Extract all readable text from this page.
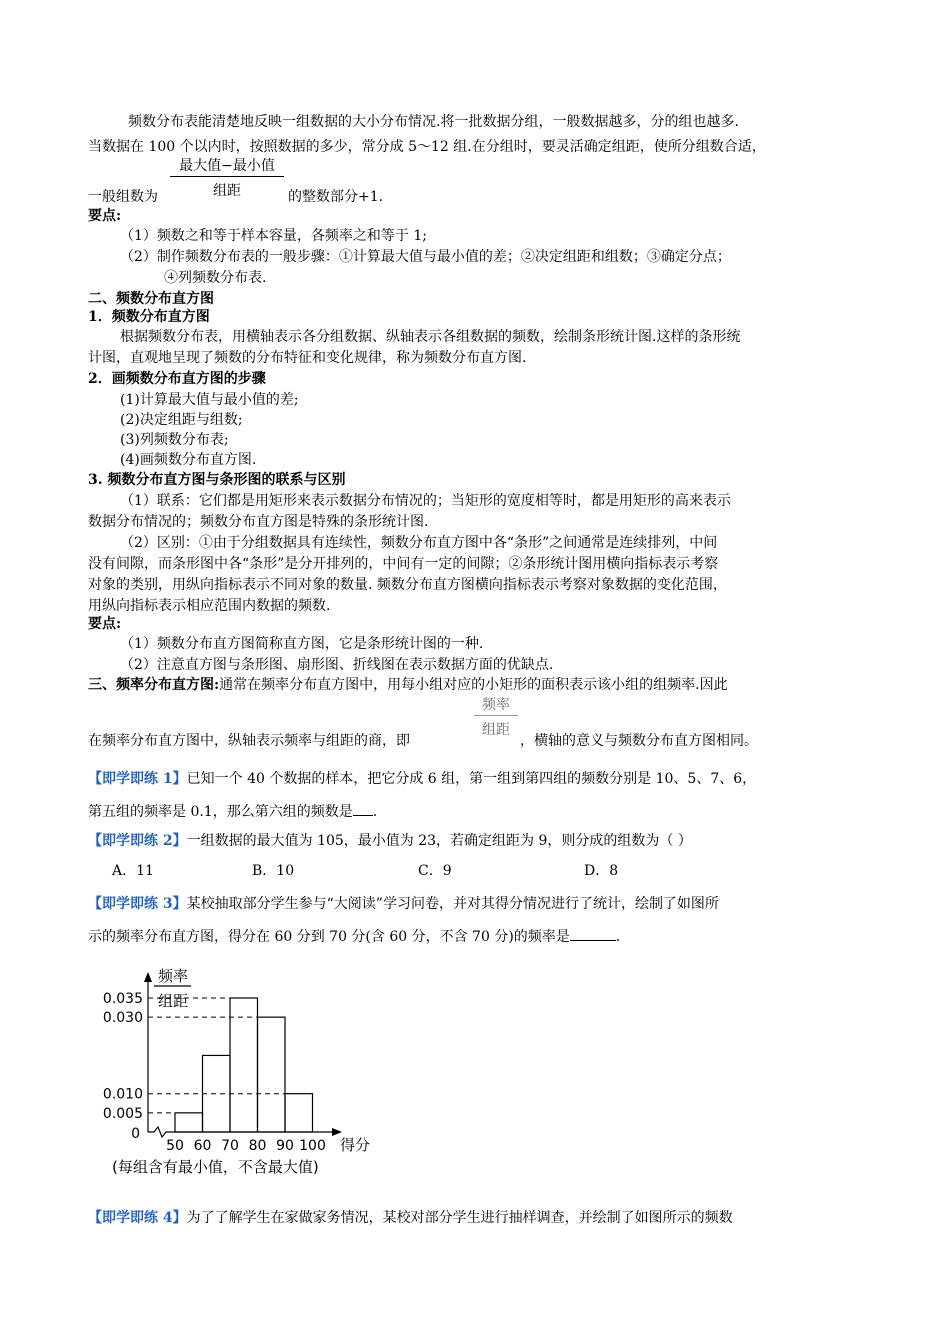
频数分布表能清楚地反映一组数据的大小分布情况.将一批数据分组，一般数据越多，分的组也越多.
当数据在 100 个以内时，按照数据的多少，常分成 5～12 组.在分组时，要灵活确定组距，使所分组数合适，
最大值−最小值
组距
一般组数为	的整数部分+1.
要点:
（1）频数之和等于样本容量，各频率之和等于 1;
（2）制作频数分布表的一般步骤：①计算最大值与最小值的差；②决定组距和组数；③确定分点；
④列频数分布表.
二、频数分布直方图
1．频数分布直方图
根据频数分布表，用横轴表示各分组数据、纵轴表示各组数据的频数，绘制条形统计图.这样的条形统
计图，直观地呈现了频数的分布特征和变化规律，称为频数分布直方图.
2．画频数分布直方图的步骤
(1)计算最大值与最小值的差;
(2)决定组距与组数;
(3)列频数分布表;
(4)画频数分布直方图.
3. 频数分布直方图与条形图的联系与区别
（1）联系：它们都是用矩形来表示数据分布情况的；当矩形的宽度相等时，都是用矩形的高来表示
数据分布情况的；频数分布直方图是特殊的条形统计图.
（2）区别：①由于分组数据具有连续性，频数分布直方图中各“条形”之间通常是连续排列，中间
没有间隙，而条形图中各“条形”是分开排列的，中间有一定的间隙；②条形统计图用横向指标表示考察
对象的类别，用纵向指标表示不同对象的数量. 频数分布直方图横向指标表示考察对象数据的变化范围，
用纵向指标表示相应范围内数据的频数.
要点:
（1）频数分布直方图简称直方图，它是条形统计图的一种.
（2）注意直方图与条形图、扇形图、折线图在表示数据方面的优缺点.
三、频率分布直方图:通常在频率分布直方图中，用每小组对应的小矩形的面积表示该小组的组频率.因此
频率
组距
在频率分布直方图中，纵轴表示频率与组距的商，即	，横轴的意义与频数分布直方图相同。
【即学即练 1】已知一个 40 个数据的样本，把它分成 6 组，第一组到第四组的频数分别是 10、5、7、6，
第五组的频率是 0.1，那么第六组的频数是 .
【即学即练 2】一组数据的最大值为 105，最小值为 23，若确定组距为 9，则分成的组数为（ ）
A．11	B．10	C．9	D．8
【即学即练 3】某校抽取部分学生参与“大阅读”学习问卷，并对其得分情况进行了统计，绘制了如图所
示的频率分布直方图，得分在 60 分到 70 分(含 60 分，不含 70 分)的频率是	.
0.035
0.030
0.010
0.005
50 60 70 80 90 100
频率
组距
得分
0
(每组含有最小值，不含最大值)
【即学即练 4】为了了解学生在家做家务情况，某校对部分学生进行抽样调查，并绘制了如图所示的频数
